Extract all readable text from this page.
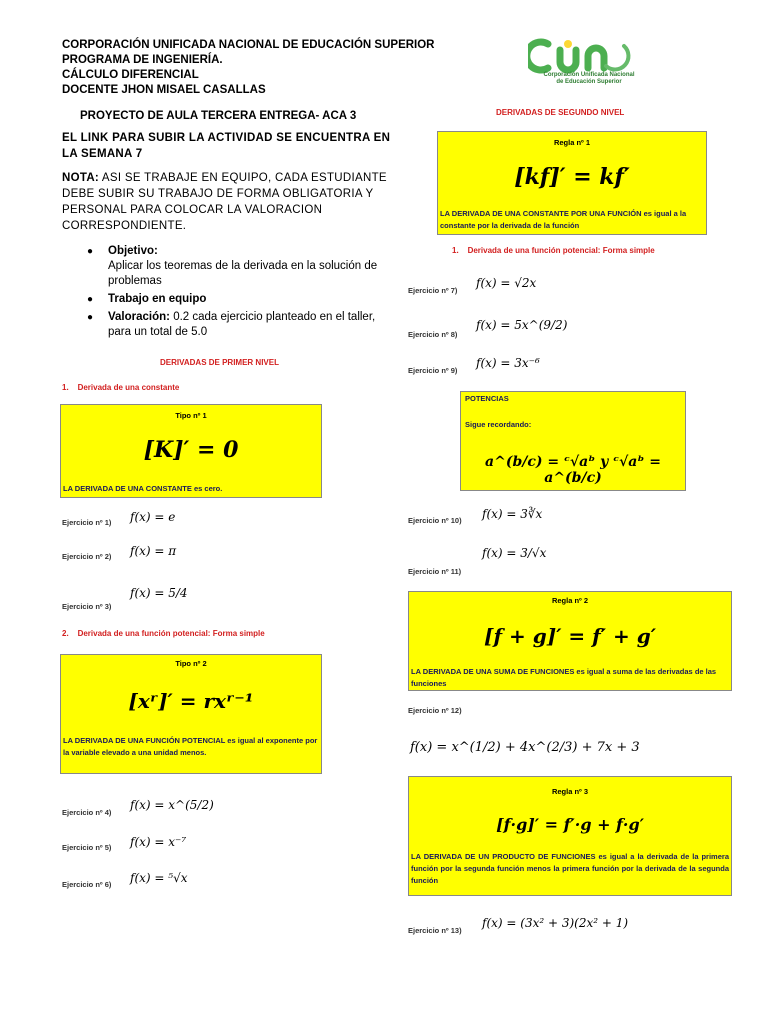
CORPORACIÓN UNIFICADA NACIONAL DE EDUCACIÓN SUPERIOR
PROGRAMA DE INGENIERÍA.
CÁLCULO DIFERENCIAL
DOCENTE JHON MISAEL CASALLAS
Corporación Unificada Nacional
de Educación Superior
PROYECTO DE AULA TERCERA ENTREGA- ACA 3
EL LINK PARA SUBIR LA ACTIVIDAD SE ENCUENTRA EN LA SEMANA 7
NOTA: ASI SE TRABAJE EN EQUIPO, CADA ESTUDIANTE DEBE SUBIR SU TRABAJO DE FORMA OBLIGATORIA Y PERSONAL PARA COLOCAR LA VALORACION CORRESPONDIENTE.
● Objetivo:
Aplicar los teoremas de la derivada en la solución de problemas
● Trabajo en equipo
● Valoración: 0.2 cada ejercicio planteado en el taller, para un total de 5.0
DERIVADAS DE PRIMER NIVEL
1.    Derivada de una constante
Tipo nº 1
[K]′ = 0
LA DERIVADA DE UNA CONSTANTE es cero.
Ejercicio nº 1) f(x) = e
Ejercicio nº 2) f(x) = π
Ejercicio nº 3)
f(x) = 5/4
2.    Derivada de una función potencial: Forma simple
Tipo nº 2
[xʳ]′ = rxʳ⁻¹
LA DERIVADA DE UNA FUNCIÓN POTENCIAL es igual al exponente por la variable elevado a una unidad menos.
Ejercicio nº 4)
f(x) = x^(5/2)
Ejercicio nº 5) f(x) = x⁻⁷
Ejercicio nº 6) f(x) = ⁵√x
DERIVADAS DE SEGUNDO NIVEL
Regla nº 1
[kf]′ = kf′
LA DERIVADA DE UNA CONSTANTE POR UNA FUNCIÓN es igual a la constante por la derivada de la función
1.    Derivada de una función potencial: Forma simple
Ejercicio nº 7)
f(x) = √2x
Ejercicio nº 8)
f(x) = 5x^(9/2)
Ejercicio nº 9)
f(x) = 3x⁻⁶
POTENCIAS
Sigue recordando:
a^(b/c) = ᶜ√aᵇ y ᶜ√aᵇ = a^(b/c)
Ejercicio nº 10) f(x) = 3∛x
f(x) = 3/√x
Ejercicio nº 11)
Regla nº 2
[f + g]′ = f′ + g′
LA DERIVADA DE UNA SUMA DE FUNCIONES es igual a suma de las derivadas de las funciones
Ejercicio nº 12)
f(x) = x^(1/2) + 4x^(2/3) + 7x + 3
Regla nº 3
[f·g]′ = f′·g + f·g′
LA DERIVADA DE UN PRODUCTO DE FUNCIONES es igual a la derivada de la primera función por la segunda función menos la primera función por la derivada de la segunda función
Ejercicio nº 13)
f(x) = (3x² + 3)(2x² + 1)
